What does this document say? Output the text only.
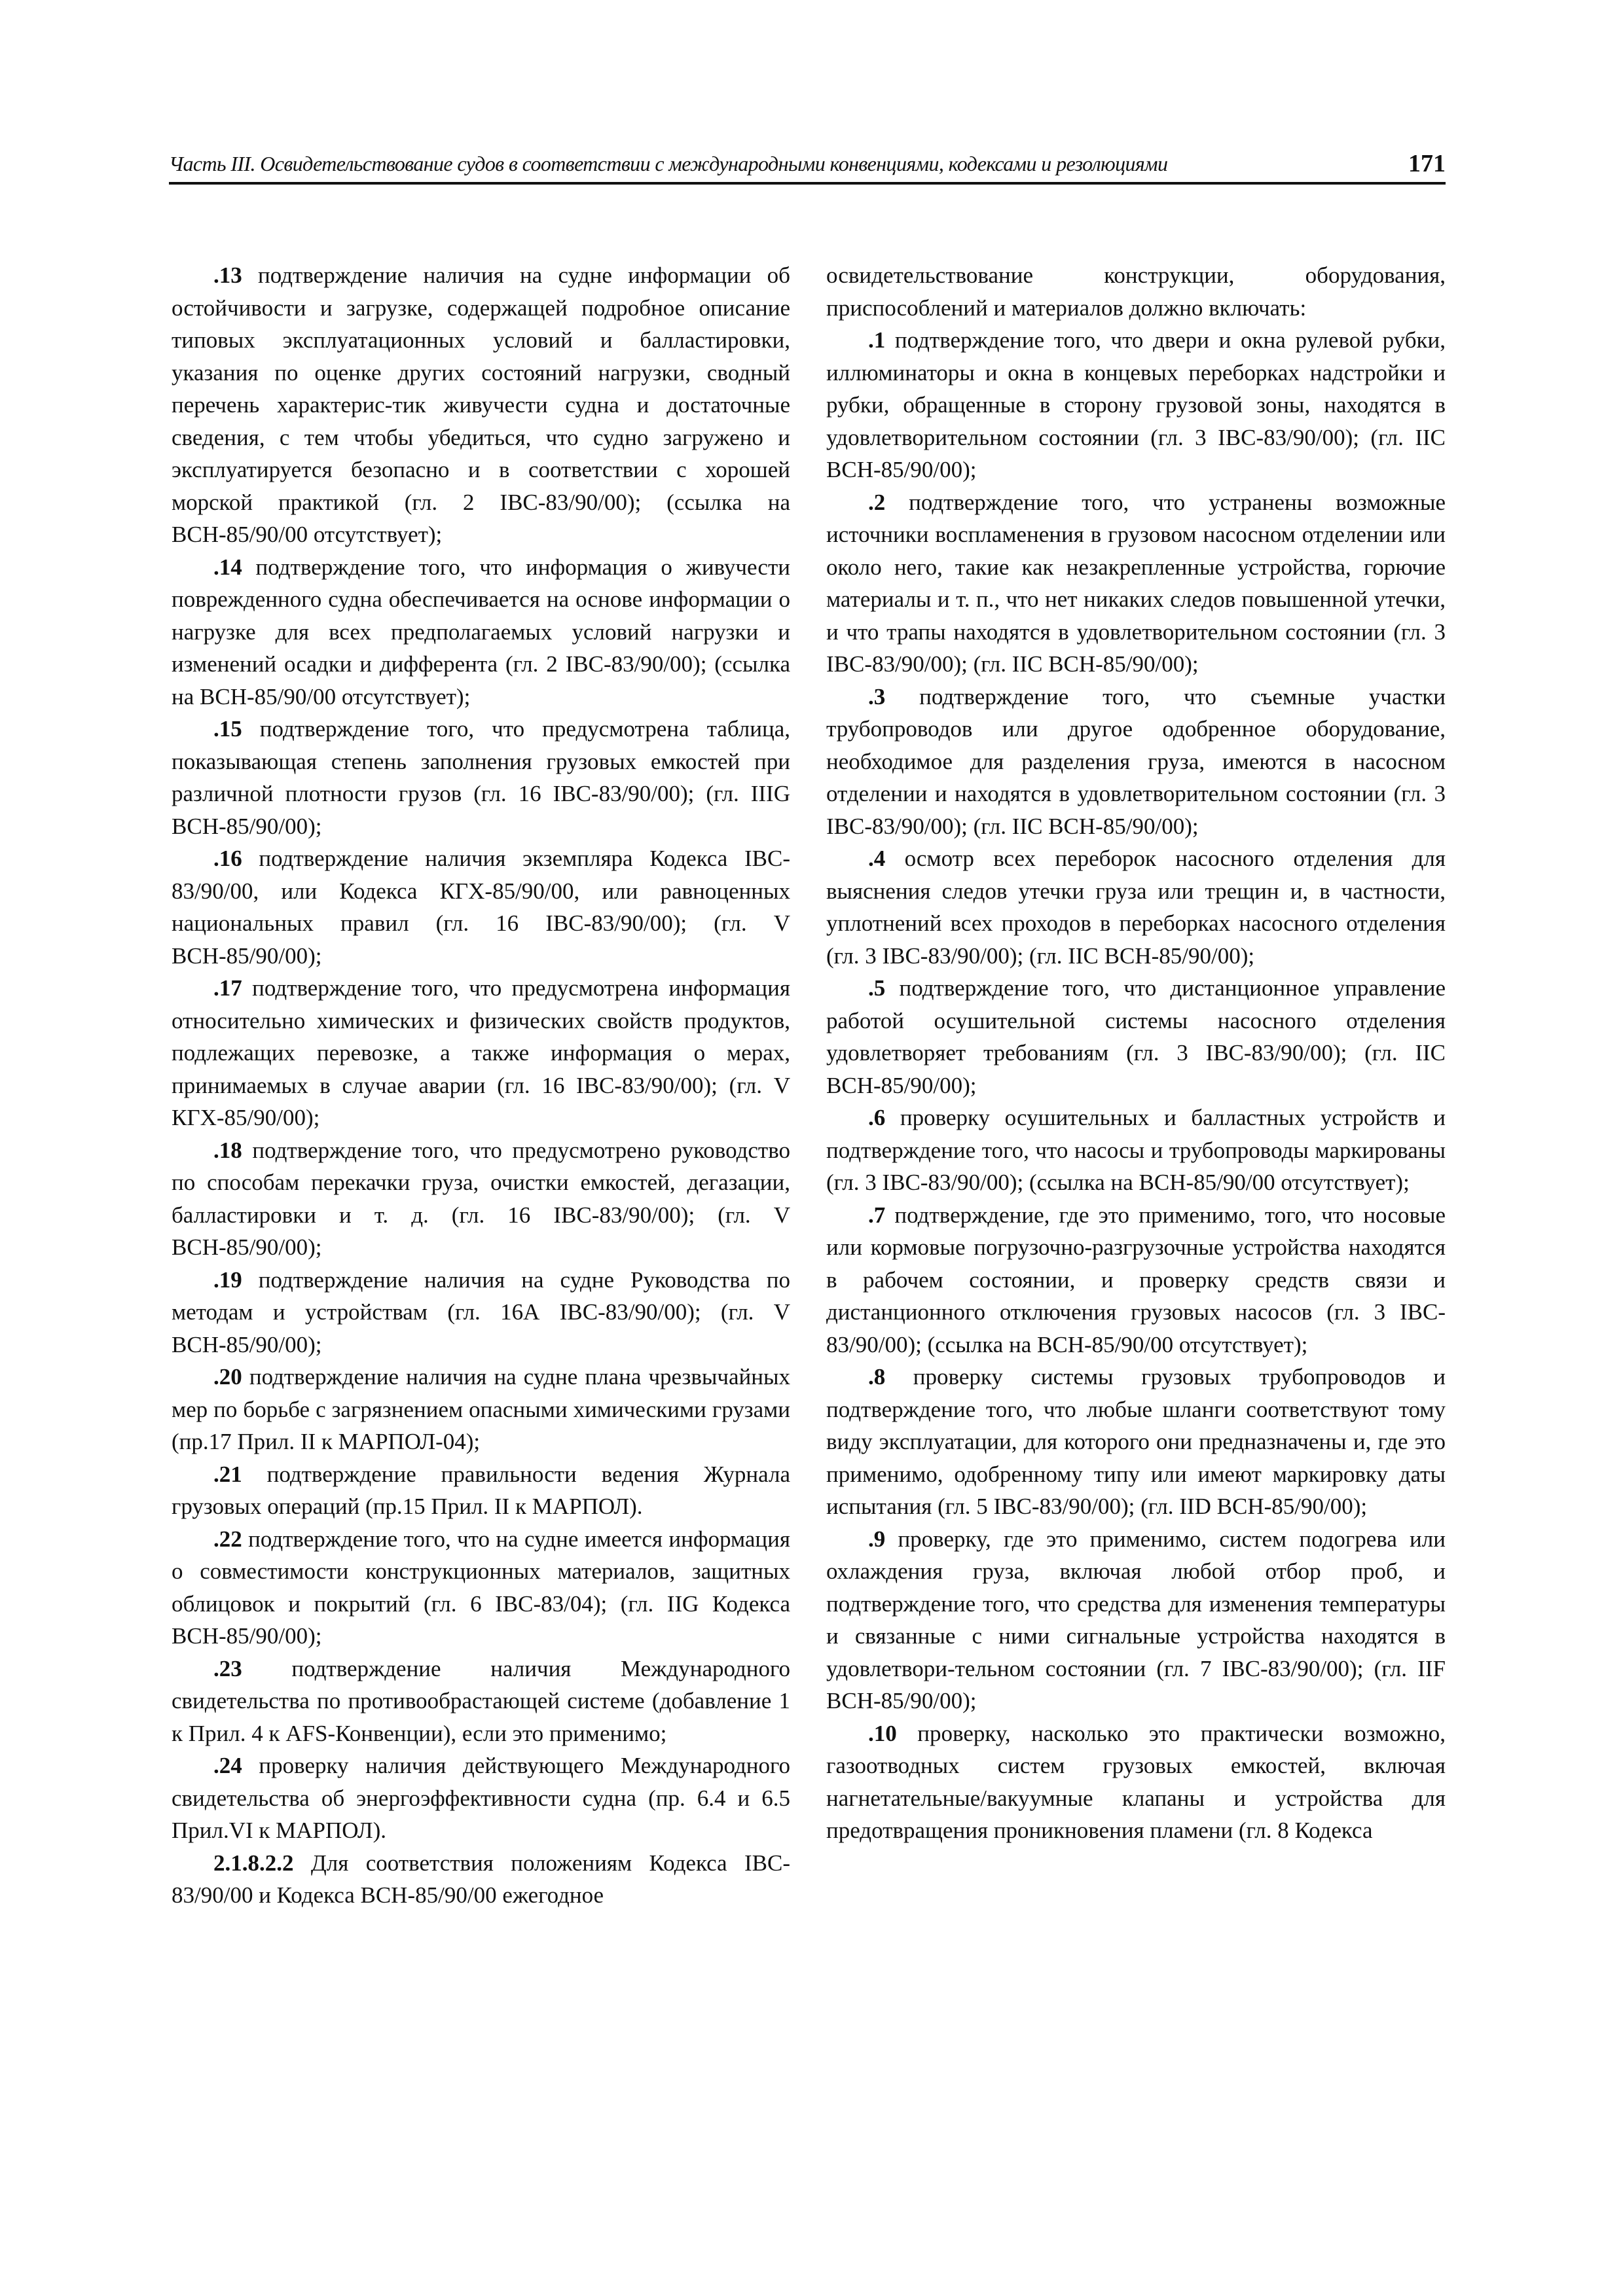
Часть III. Освидетельствование судов в соответствии с международными конвенциями, кодексами и резолюциями	171

.13 подтверждение наличия на судне информации об остойчивости и загрузке, содержащей подробное описание типовых эксплуатационных условий и балластировки, указания по оценке других состояний нагрузки, сводный перечень характерис-тик живучести судна и достаточные сведения, с тем чтобы убедиться, что судно загружено и эксплуатируется безопасно и в соответствии с хорошей морской практикой (гл. 2 IBC-83/90/00); (ссылка на ВСН-85/90/00 отсутствует);

.14 подтверждение того, что информация о живучести поврежденного судна обеспечивается на основе информации о нагрузке для всех предполагаемых условий нагрузки и изменений осадки и дифферента (гл. 2 IBC-83/90/00); (ссылка на ВСН-85/90/00 отсутствует);

.15 подтверждение того, что предусмотрена таблица, показывающая степень заполнения грузовых емкостей при различной плотности грузов (гл. 16 IBC-83/90/00); (гл. IIIG ВСН-85/90/00);

.16 подтверждение наличия экземпляра Кодекса IBC-83/90/00, или Кодекса КГХ-85/90/00, или равноценных национальных правил (гл. 16 IBC-83/90/00); (гл. V ВСН-85/90/00);

.17 подтверждение того, что предусмотрена информация относительно химических и физических свойств продуктов, подлежащих перевозке, а также информация о мерах, принимаемых в случае аварии (гл. 16 IBC-83/90/00); (гл. V КГХ-85/90/00);

.18 подтверждение того, что предусмотрено руководство по способам перекачки груза, очистки емкостей, дегазации, балластировки и т. д. (гл. 16 IBC-83/90/00); (гл. V ВСН-85/90/00);

.19 подтверждение наличия на судне Руководства по методам и устройствам (гл. 16А IBC-83/90/00); (гл. V ВСН-85/90/00);

.20 подтверждение наличия на судне плана чрезвычайных мер по борьбе с загрязнением опасными химическими грузами (пр.17 Прил. II к МАРПОЛ-04);

.21 подтверждение правильности ведения Журнала грузовых операций (пр.15 Прил. II к МАРПОЛ).

.22 подтверждение того, что на судне имеется информация о совместимости конструкционных материалов, защитных облицовок и покрытий (гл. 6 IBC-83/04); (гл. IIG Кодекса ВСН-85/90/00);

.23 подтверждение наличия Международного свидетельства по противообрастающей системе (добавление 1 к Прил. 4 к AFS-Конвенции), если это применимо;

.24 проверку наличия действующего Международного свидетельства об энергоэффективности судна (пр. 6.4 и 6.5 Прил.VI к МАРПОЛ).

2.1.8.2.2 Для соответствия положениям Кодекса IBC-83/90/00 и Кодекса ВСН-85/90/00 ежегодное

освидетельствование конструкции, оборудования, приспособлений и материалов должно включать:

.1 подтверждение того, что двери и окна рулевой рубки, иллюминаторы и окна в концевых переборках надстройки и рубки, обращенные в сторону грузовой зоны, находятся в удовлетворительном состоянии (гл. 3 IBC-83/90/00); (гл. IIC ВСН-85/90/00);

.2 подтверждение того, что устранены возможные источники воспламенения в грузовом насосном отделении или около него, такие как незакрепленные устройства, горючие материалы и т. п., что нет никаких следов повышенной утечки, и что трапы находятся в удовлетворительном состоянии (гл. 3 IBC-83/90/00); (гл. IIC ВСН-85/90/00);

.3 подтверждение того, что съемные участки трубопроводов или другое одобренное оборудование, необходимое для разделения груза, имеются в насосном отделении и находятся в удовлетворительном состоянии (гл. 3 IBC-83/90/00); (гл. IIC ВСН-85/90/00);

.4 осмотр всех переборок насосного отделения для выяснения следов утечки груза или трещин и, в частности, уплотнений всех проходов в переборках насосного отделения (гл. 3 IBC-83/90/00); (гл. IIC ВСН-85/90/00);

.5 подтверждение того, что дистанционное управление работой осушительной системы насосного отделения удовлетворяет требованиям (гл. 3 IBC-83/90/00); (гл. IIC ВСН-85/90/00);

.6 проверку осушительных и балластных устройств и подтверждение того, что насосы и трубопроводы маркированы (гл. 3 IBC-83/90/00); (ссылка на ВСН-85/90/00 отсутствует);

.7 подтверждение, где это применимо, того, что носовые или кормовые погрузочно-разгрузочные устройства находятся в рабочем состоянии, и проверку средств связи и дистанционного отключения грузовых насосов (гл. 3 IBC-83/90/00); (ссылка на ВСН-85/90/00 отсутствует);

.8 проверку системы грузовых трубопроводов и подтверждение того, что любые шланги соответствуют тому виду эксплуатации, для которого они предназначены и, где это применимо, одобренному типу или имеют маркировку даты испытания (гл. 5 IBC-83/90/00); (гл. IID ВСН-85/90/00);

.9 проверку, где это применимо, систем подогрева или охлаждения груза, включая любой отбор проб, и подтверждение того, что средства для изменения температуры и связанные с ними сигнальные устройства находятся в удовлетвори-тельном состоянии (гл. 7 IBC-83/90/00); (гл. IIF ВСН-85/90/00);

.10 проверку, насколько это практически возможно, газоотводных систем грузовых емкостей, включая нагнетательные/вакуумные клапаны и устройства для предотвращения проникновения пламени (гл. 8 Кодекса
